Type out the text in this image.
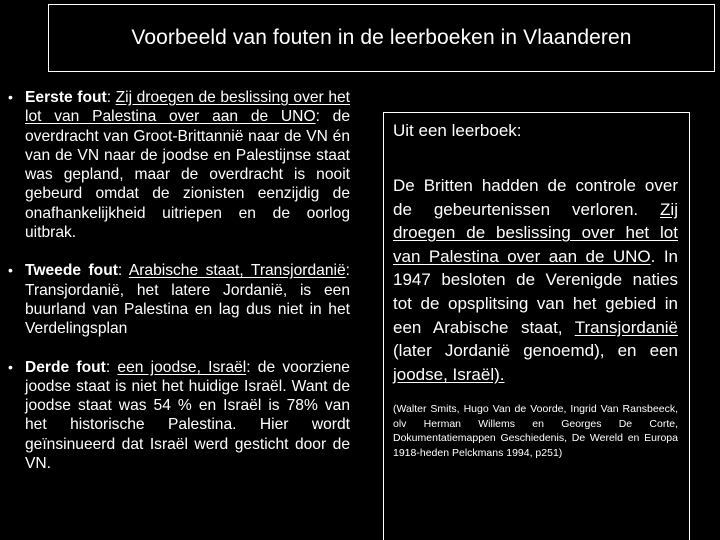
Voorbeeld van fouten in de leerboeken in Vlaanderen
• Eerste fout: Zij droegen de beslissing over het lot van Palestina over aan de UNO: de overdracht van Groot-Brittannië naar de VN én van de VN naar de joodse en Palestijnse staat was gepland, maar de overdracht is nooit gebeurd omdat de zionisten eenzijdig de onafhankelijkheid uitriepen en de oorlog uitbrak.
• Tweede fout: Arabische staat, Transjordanië: Transjordanië, het latere Jordanië, is een buurland van Palestina en lag dus niet in het Verdelingsplan
• Derde fout: een joodse, Israël: de voorziene joodse staat is niet het huidige Israël. Want de joodse staat was 54 % en Israël is 78% van het historische Palestina. Hier wordt geïnsinueerd dat Israël werd gesticht door de VN.
Uit een leerboek:
De Britten hadden de controle over de gebeurtenissen verloren. Zij droegen de beslissing over het lot van Palestina over aan de UNO. In 1947 besloten de Verenigde naties tot de opsplitsing van het gebied in een Arabische staat, Transjordanië (later Jordanië genoemd), en een joodse, Israël).
(Walter Smits, Hugo Van de Voorde, Ingrid Van Ransbeeck, olv Herman Willems en Georges De Corte, Dokumentatiemappen Geschiedenis, De Wereld en Europa 1918-heden Pelckmans 1994, p251)
